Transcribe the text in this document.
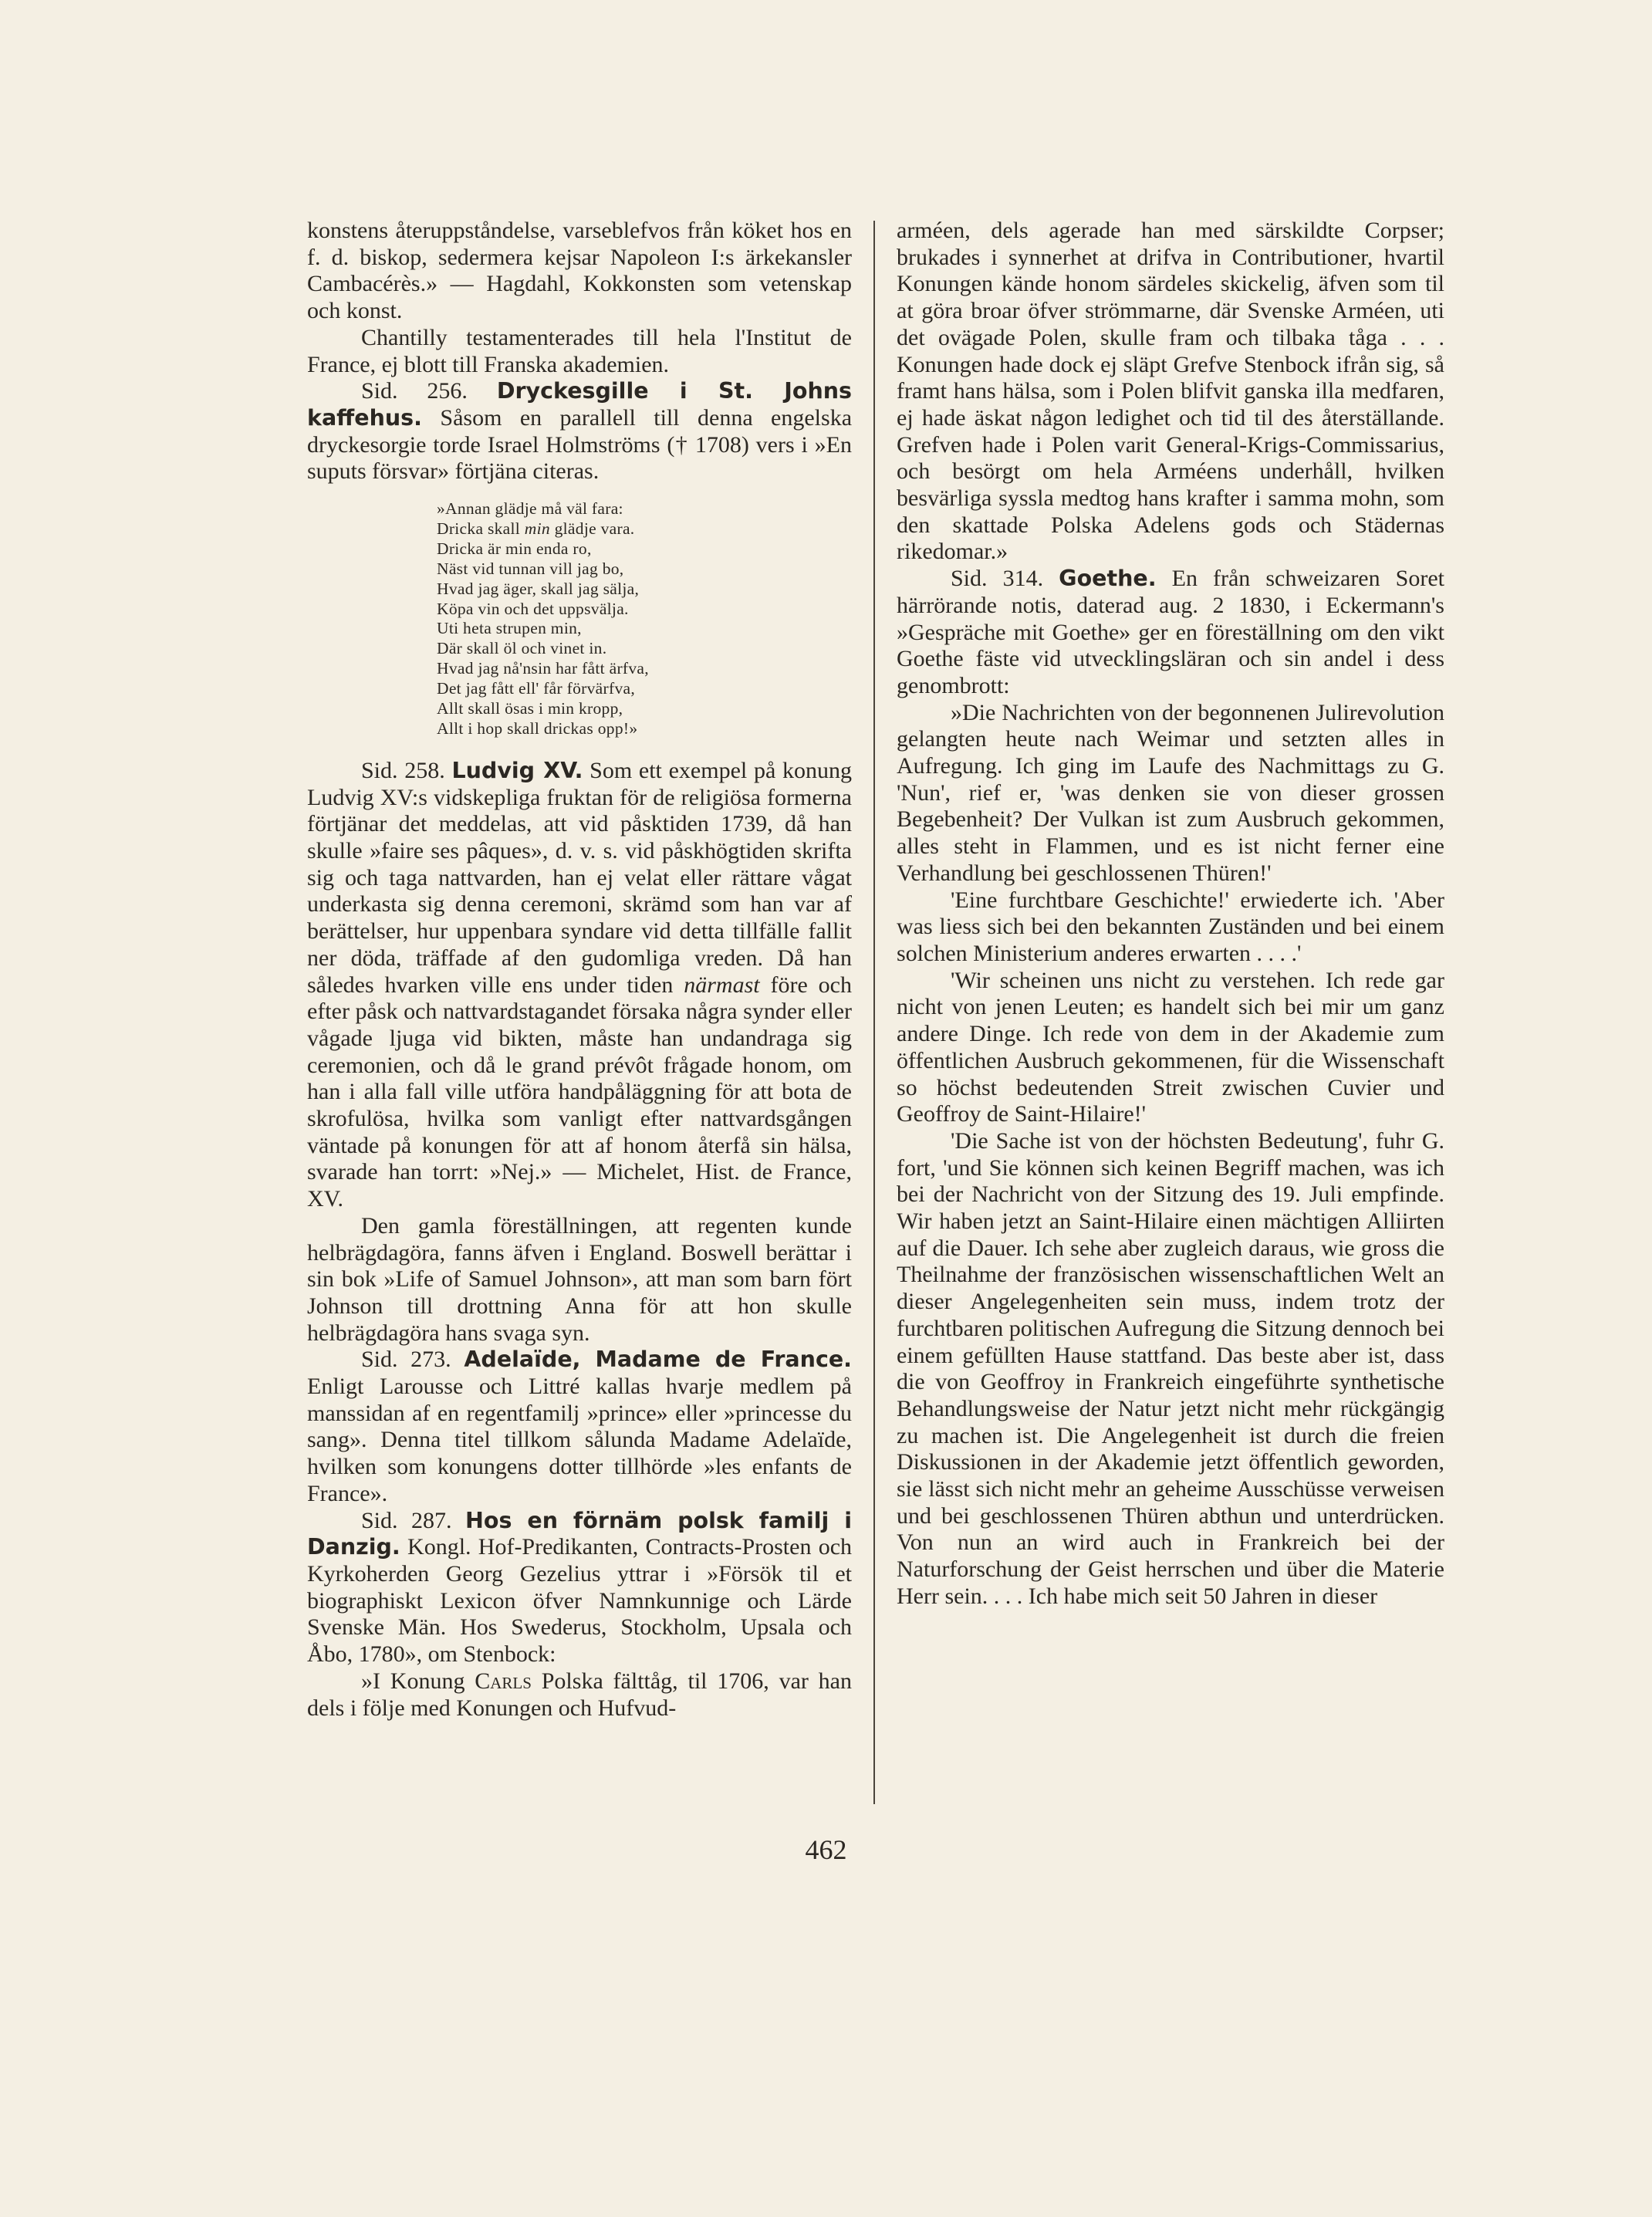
konstens återuppståndelse, varseblefvos från köket hos en f. d. biskop, sedermera kejsar Napoleon I:s ärkekansler Cambacérès.» — Hagdahl, Kokkonsten som vetenskap och konst.

Chantilly testamenterades till hela l'Institut de France, ej blott till Franska akademien.

Sid. 256. Dryckesgille i St. Johns kaffehus. Såsom en parallell till denna engelska dryckesorgie torde Israel Holmströms († 1708) vers i »En suputs försvar» förtjäna citeras.

»Annan glädje må väl fara:
Dricka skall min glädje vara.
Dricka är min enda ro,
Näst vid tunnan vill jag bo,
Hvad jag äger, skall jag sälja,
Köpa vin och det uppsvälja.
Uti heta strupen min,
Där skall öl och vinet in.
Hvad jag nå'nsin har fått ärfva,
Det jag fått ell' får förvärfva,
Allt skall ösas i min kropp,
Allt i hop skall drickas opp!»

Sid. 258. Ludvig XV. Som ett exempel på konung Ludvig XV:s vidskepliga fruktan för de religiösa formerna förtjänar det meddelas, att vid påsktiden 1739, då han skulle »faire ses pâques», d. v. s. vid påskhögtiden skrifta sig och taga nattvarden, han ej velat eller rättare vågat underkasta sig denna ceremoni, skrämd som han var af berättelser, hur uppenbara syndare vid detta tillfälle fallit ner döda, träffade af den gudomliga vreden. Då han således hvarken ville ens under tiden närmast före och efter påsk och nattvardstagandet försaka några synder eller vågade ljuga vid bikten, måste han undandraga sig ceremonien, och då le grand prévôt frågade honom, om han i alla fall ville utföra handpåläggning för att bota de skrofulösa, hvilka som vanligt efter nattvardsgången väntade på konungen för att af honom återfå sin hälsa, svarade han torrt: »Nej.» — Michelet, Hist. de France, XV.

Den gamla föreställningen, att regenten kunde helbrägdagöra, fanns äfven i England. Boswell berättar i sin bok »Life of Samuel Johnson», att man som barn fört Johnson till drottning Anna för att hon skulle helbrägdagöra hans svaga syn.

Sid. 273. Adelaïde, Madame de France. Enligt Larousse och Littré kallas hvarje medlem på manssidan af en regentfamilj »prince» eller »princesse du sang». Denna titel tillkom sålunda Madame Adelaïde, hvilken som konungens dotter tillhörde »les enfants de France».

Sid. 287. Hos en förnäm polsk familj i Danzig. Kongl. Hof-Predikanten, Contracts-Prosten och Kyrkoherden Georg Gezelius yttrar i »Försök til et biographiskt Lexicon öfver Namnkunnige och Lärde Svenske Män. Hos Swederus, Stockholm, Upsala och Åbo, 1780», om Stenbock:

»I Konung Carls Polska fälttåg, til 1706, var han dels i följe med Konungen och Hufvud-

arméen, dels agerade han med särskildte Corpser; brukades i synnerhet at drifva in Contributioner, hvartil Konungen kände honom särdeles skickelig, äfven som til at göra broar öfver strömmarne, där Svenske Arméen, uti det ovägade Polen, skulle fram och tilbaka tåga . . . Konungen hade dock ej släpt Grefve Stenbock ifrån sig, så framt hans hälsa, som i Polen blifvit ganska illa medfaren, ej hade äskat någon ledighet och tid til des återställande. Grefven hade i Polen varit General-Krigs-Commissarius, och besörgt om hela Arméens underhåll, hvilken besvärliga syssla medtog hans krafter i samma mohn, som den skattade Polska Adelens gods och Städernas rikedomar.»

Sid. 314. Goethe. En från schweizaren Soret härrörande notis, daterad aug. 2 1830, i Eckermann's »Gespräche mit Goethe» ger en föreställning om den vikt Goethe fäste vid utvecklingsläran och sin andel i dess genombrott:

»Die Nachrichten von der begonnenen Julirevolution gelangten heute nach Weimar und setzten alles in Aufregung. Ich ging im Laufe des Nachmittags zu G. 'Nun', rief er, 'was denken sie von dieser grossen Begebenheit? Der Vulkan ist zum Ausbruch gekommen, alles steht in Flammen, und es ist nicht ferner eine Verhandlung bei geschlossenen Thüren!'

'Eine furchtbare Geschichte!' erwiederte ich. 'Aber was liess sich bei den bekannten Zuständen und bei einem solchen Ministerium anderes erwarten . . . .'

'Wir scheinen uns nicht zu verstehen. Ich rede gar nicht von jenen Leuten; es handelt sich bei mir um ganz andere Dinge. Ich rede von dem in der Akademie zum öffentlichen Ausbruch gekommenen, für die Wissenschaft so höchst bedeutenden Streit zwischen Cuvier und Geoffroy de Saint-Hilaire!'

'Die Sache ist von der höchsten Bedeutung', fuhr G. fort, 'und Sie können sich keinen Begriff machen, was ich bei der Nachricht von der Sitzung des 19. Juli empfinde. Wir haben jetzt an Saint-Hilaire einen mächtigen Alliirten auf die Dauer. Ich sehe aber zugleich daraus, wie gross die Theilnahme der französischen wissenschaftlichen Welt an dieser Angelegenheiten sein muss, indem trotz der furchtbaren politischen Aufregung die Sitzung dennoch bei einem gefüllten Hause stattfand. Das beste aber ist, dass die von Geoffroy in Frankreich eingeführte synthetische Behandlungsweise der Natur jetzt nicht mehr rückgängig zu machen ist. Die Angelegenheit ist durch die freien Diskussionen in der Akademie jetzt öffentlich geworden, sie lässt sich nicht mehr an geheime Ausschüsse verweisen und bei geschlossenen Thüren abthun und unterdrücken. Von nun an wird auch in Frankreich bei der Naturforschung der Geist herrschen und über die Materie Herr sein. . . . Ich habe mich seit 50 Jahren in dieser

462
